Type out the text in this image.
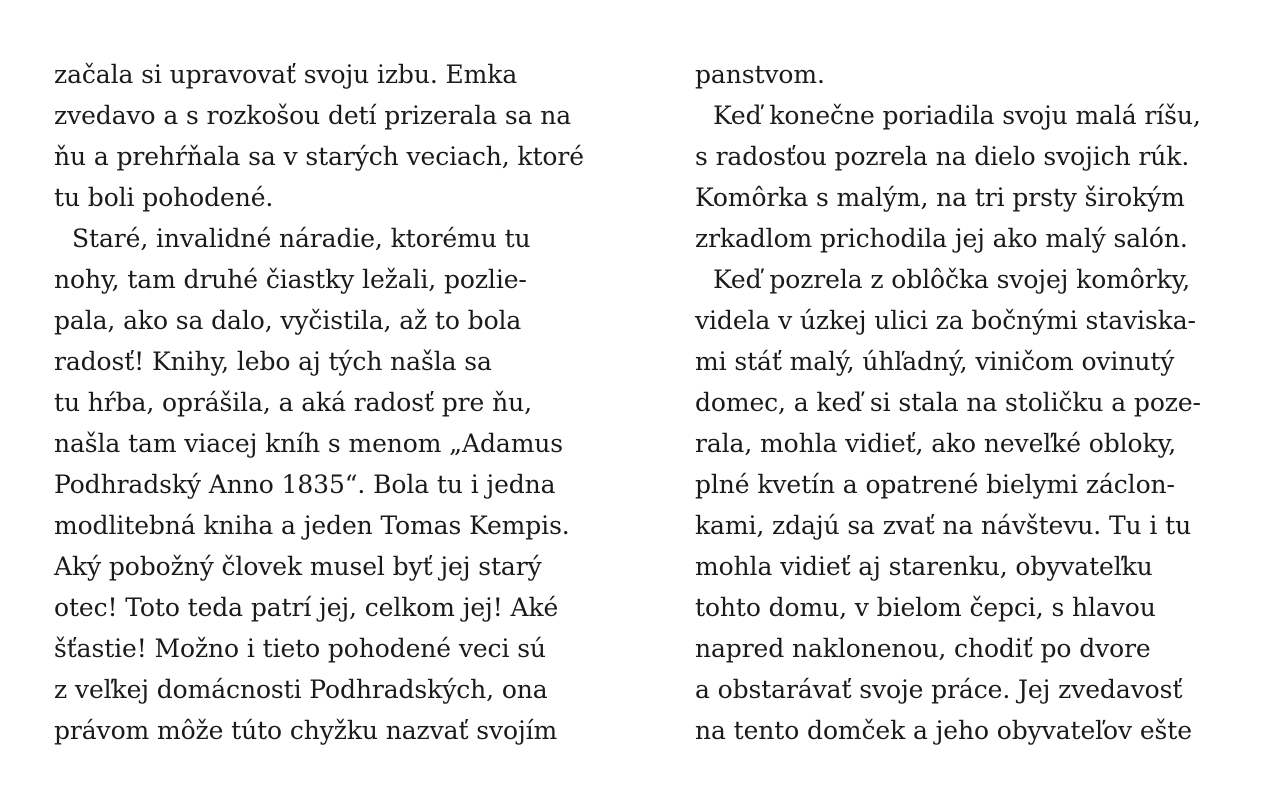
začala si upravovať svoju izbu. Emka
zvedavo a s rozkošou detí prizerala sa na
ňu a prehŕňala sa v starých veciach, ktoré
tu boli pohodené.
Staré, invalidné náradie, ktorému tu
nohy, tam druhé čiastky ležali, pozlie-
pala, ako sa dalo, vyčistila, až to bola
radosť! Knihy, lebo aj tých našla sa
tu hŕba, oprášila, a aká radosť pre ňu,
našla tam viacej kníh s menom „Adamus
Podhradský Anno 1835“. Bola tu i jedna
modlitebná kniha a jeden Tomas Kempis.
Aký pobožný človek musel byť jej starý
otec! Toto teda patrí jej, celkom jej! Aké
šťastie! Možno i tieto pohodené veci sú
z veľkej domácnosti Podhradských, ona
právom môže túto chyžku nazvať svojím
panstvom.
Keď konečne poriadila svoju malá ríšu,
s radosťou pozrela na dielo svojich rúk.
Komôrka s malým, na tri prsty širokým
zrkadlom prichodila jej ako malý salón.
Keď pozrela z oblôčka svojej komôrky,
videla v úzkej ulici za bočnými staviska-
mi stáť malý, úhľadný, viničom ovinutý
domec, a keď si stala na stoličku a poze-
rala, mohla vidieť, ako neveľké obloky,
plné kvetín a opatrené bielymi záclon-
kami, zdajú sa zvať na návštevu. Tu i tu
mohla vidieť aj starenku, obyvateľku
tohto domu, v bielom čepci, s hlavou
napred naklonenou, chodiť po dvore
a obstarávať svoje práce. Jej zvedavosť
na tento domček a jeho obyvateľov ešte
